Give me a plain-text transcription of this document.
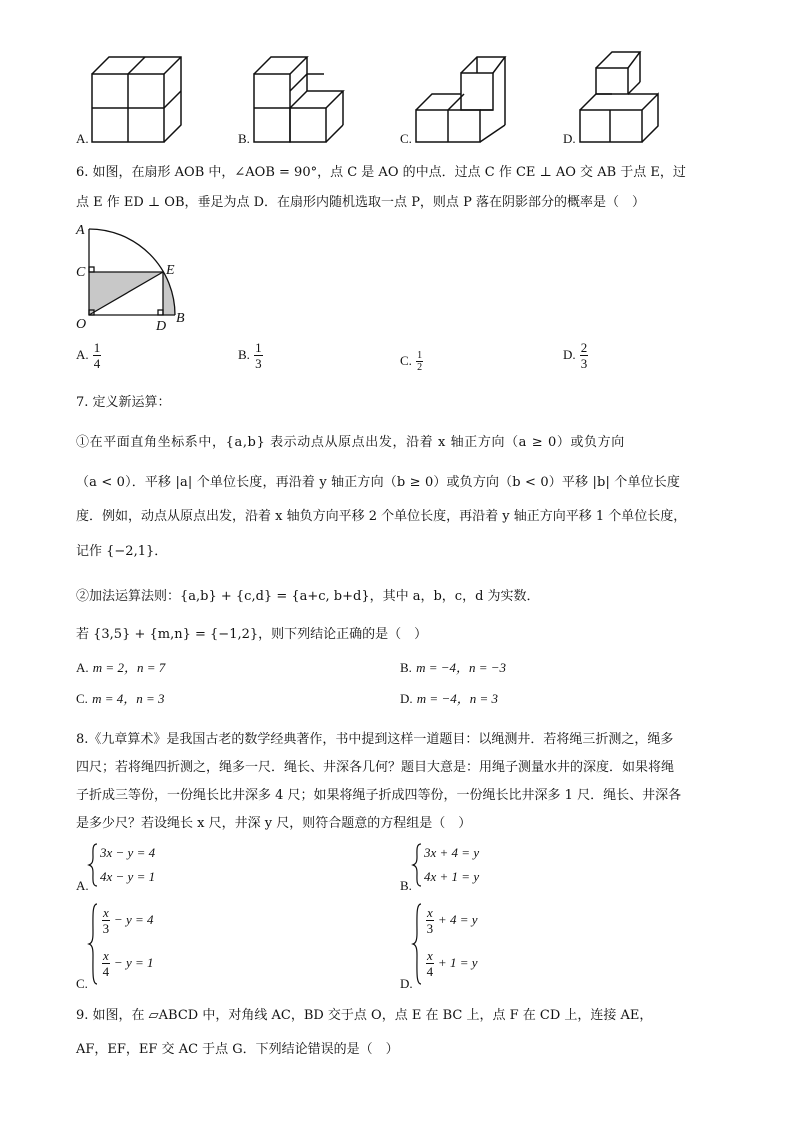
A.	B.	C.	D.
6. 如图，在扇形 AOB 中，∠AOB = 90°，点 C 是 AO 的中点．过点 C 作 CE ⊥ AO 交 AB 于点 E，过
点 E 作 ED ⊥ OB，垂足为点 D．在扇形内随机选取一点 P，则点 P 落在阴影部分的概率是（　）
A
C
O
E
D
B
A. $\frac{1}{4}$	B. $\frac{1}{3}$	C. $\frac{1}{2}$	D. $\frac{2}{3}$
7. 定义新运算：
①在平面直角坐标系中，{a,b} 表示动点从原点出发，沿着 x 轴正方向（a ≥ 0）或负方向
（a < 0）．平移 |a| 个单位长度，再沿着 y 轴正方向（b ≥ 0）或负方向（b < 0）平移 |b| 个单位长度
度．例如，动点从原点出发，沿着 x 轴负方向平移 2 个单位长度，再沿着 y 轴正方向平移 1 个单位长度，
记作 {−2,1}．
②加法运算法则：{a,b} + {c,d} = {a+c, b+d}，其中 a，b，c，d 为实数．
若 {3,5} + {m,n} = {−1,2}，则下列结论正确的是（　）
A. m = 2，n = 7	B. m = −4，n = −3
C. m = 4，n = 3	D. m = −4，n = 3
8.《九章算术》是我国古老的数学经典著作，书中提到这样一道题目：以绳测井．若将绳三折测之，绳多
四尺；若将绳四折测之，绳多一尺．绳长、井深各几何？题目大意是：用绳子测量水井的深度．如果将绳
子折成三等份，一份绳长比井深多 4 尺；如果将绳子折成四等份，一份绳长比井深多 1 尺．绳长、井深各
是多少尺？若设绳长 x 尺，井深 y 尺，则符合题意的方程组是（　）
3x − y = 4
4x − y = 1
A.
3x + 4 = y
4x + 1 = y
B.
$\frac{x}{3} - y = 4$
$\frac{x}{4} - y = 1$
C.
$\frac{x}{3} + 4 = y$
$\frac{x}{4} + 1 = y$
D.
9. 如图，在 ▱ABCD 中，对角线 AC，BD 交于点 O，点 E 在 BC 上，点 F 在 CD 上，连接 AE，
AF，EF，EF 交 AC 于点 G．下列结论错误的是（　）
